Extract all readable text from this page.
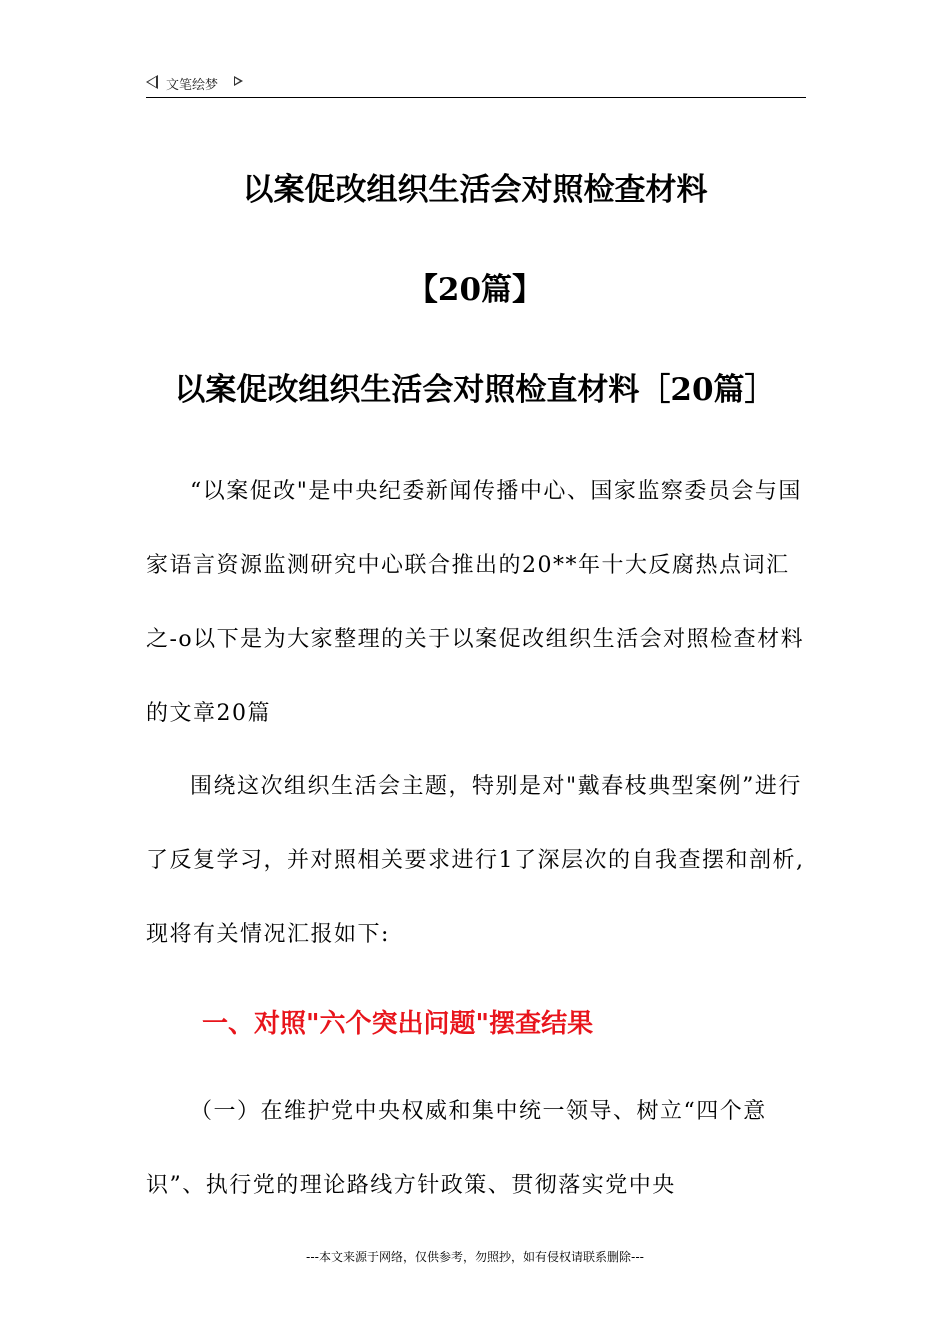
文笔绘梦
以案促改组织生活会对照检查材料
【20篇】
以案促改组织生活会对照检直材料［20篇］
“以案促改"是中央纪委新闻传播中心、国家监察委员会与国家语言资源监测研究中心联合推出的20**年十大反腐热点词汇之-o以下是为大家整理的关于以案促改组织生活会对照检查材料的文章20篇
围绕这次组织生活会主题，特别是对"戴春枝典型案例”进行了反复学习，并对照相关要求进行1了深层次的自我查摆和剖析,现将有关情况汇报如下:
一、对照"六个突出问题"摆查结果
（一）在维护党中央权威和集中统一领导、树立“四个意识”、执行党的理论路线方针政策、贯彻落实党中央
---本文来源于网络，仅供参考，勿照抄，如有侵权请联系删除---
